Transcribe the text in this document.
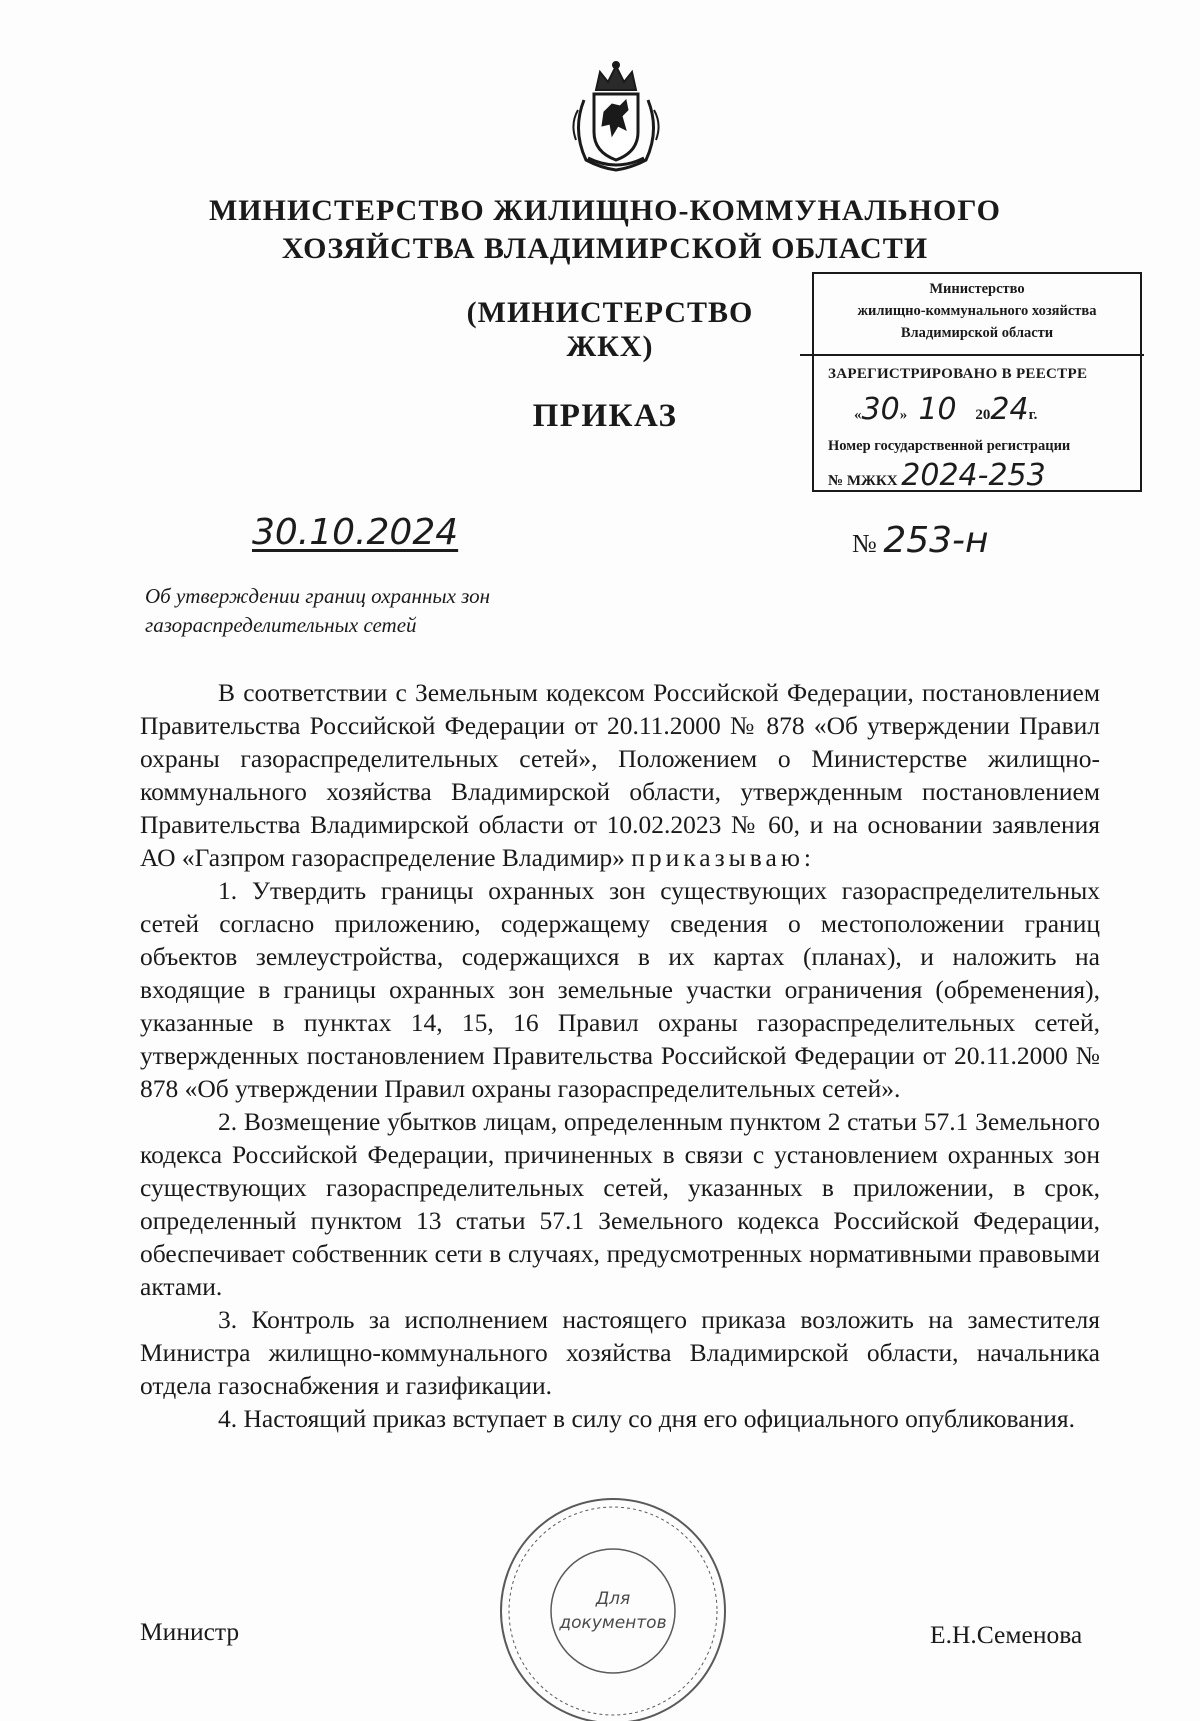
МИНИСТЕРСТВО ЖИЛИЩНО-КОММУНАЛЬНОГО
ХОЗЯЙСТВА ВЛАДИМИРСКОЙ ОБЛАСТИ
(МИНИСТЕРСТВО ЖКХ)
Министерство
жилищно-коммунального хозяйства
Владимирской области
ЗАРЕГИСТРИРОВАНО В РЕЕСТРЕ
«30» 10 2024г.
Номер государственной регистрации
№ МЖКХ 2024-253
ПРИКАЗ
30.10.2024	№ 253-н
Об утверждении границ охранных зон
газораспределительных сетей

В соответствии с Земельным кодексом Российской Федерации, постановлением Правительства Российской Федерации от 20.11.2000 № 878 «Об утверждении Правил охраны газораспределительных сетей», Положением о Министерстве жилищно-коммунального хозяйства Владимирской области, утвержденным постановлением Правительства Владимирской области от 10.02.2023 № 60, и на основании заявления АО «Газпром газораспределение Владимир» приказываю:

1. Утвердить границы охранных зон существующих газораспределительных сетей согласно приложению, содержащему сведения о местоположении границ объектов землеустройства, содержащихся в их картах (планах), и наложить на входящие в границы охранных зон земельные участки ограничения (обременения), указанные в пунктах 14, 15, 16 Правил охраны газораспределительных сетей, утвержденных постановлением Правительства Российской Федерации от 20.11.2000 № 878 «Об утверждении Правил охраны газораспределительных сетей».

2. Возмещение убытков лицам, определенным пунктом 2 статьи 57.1 Земельного кодекса Российской Федерации, причиненных в связи с установлением охранных зон существующих газораспределительных сетей, указанных в приложении, в срок, определенный пунктом 13 статьи 57.1 Земельного кодекса Российской Федерации, обеспечивает собственник сети в случаях, предусмотренных нормативными правовыми актами.

3. Контроль за исполнением настоящего приказа возложить на заместителя Министра жилищно-коммунального хозяйства Владимирской области, начальника отдела газоснабжения и газификации.

4. Настоящий приказ вступает в силу со дня его официального опубликования.

Для
документов
Министр	Е.Н.Семенова
